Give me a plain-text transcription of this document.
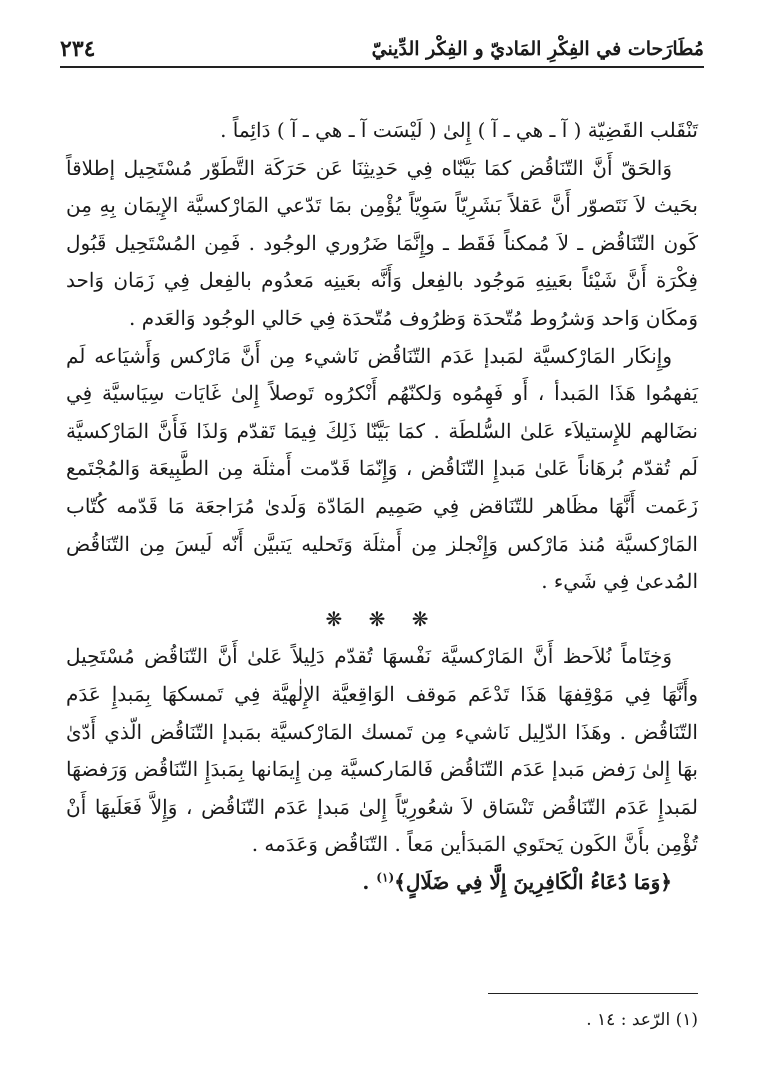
مُطَارَحات في الفِكْرِ المَاديّ و الفِكْر الدِّينيّ
٢٣٤

تَنْقَلب القَضِيّة ( آ ـ هي ـ آ ) إِلىٰ ( لَيْسَت آ ـ هي ـ آ ) دَائِماً .

وَالحَقّ أَنَّ التّنَاقُض كمَا بَيَّنّاه فِي حَدِيثِنَا عَن حَرَكَة التَّطَوّر مُسْتَحِيل إطلاقاً بحَيث لاَ نَتَصوّر أَنَّ عَقلاً بَشَرِيّاً سَوِيّاً يُؤْمِن بمَا تَدّعي المَارْكسيَّة الإِيمَان بِهِ مِن كَون التّنَاقُض ـ لاَ مُمكناً فَقَط ـ وإِنَّمَا ضَرُوري الوجُود . فَمِن المُسْتَحِيل قَبُول فِكْرَة أَنَّ شَيْئاً بعَينِهِ مَوجُود بالفِعل وَأَنَّه بعَينِه مَعدُوم بالفِعل فِي زَمَان وَاحد وَمكَان وَاحد وَشرُوط مُتّحدَة وَظرُوف مُتّحدَة فِي حَالي الوجُود وَالعَدم .

وإِنكَار المَارْكسيَّة لمَبدإ عَدَم التّنَاقُض نَاشيء مِن أَنَّ مَارْكس وَأَشيَاعه لَم يَفهمُوا هَذَا المَبدأ ، أَو فَهِمُوه وَلكنّهُم أَنْكرُوه تَوصلاً إِلىٰ غَايَات سِيَاسيَّة فِي نضَالهم للإِستيلاَء عَلىٰ السُّلطَة . كمَا بَيَّنّا ذَلِكَ فِيمَا تَقدّم وَلذَا فَأَنَّ المَارْكسيَّة لَم تُقدّم بُرهَاناً عَلىٰ مَبدإِ التّنَاقُض ، وَإِنّمَا قَدّمت أَمثلَة مِن الطَّبِيعَة وَالمُجْتَمع زَعَمت أَنَّهَا مظَاهر للتّنَاقض فِي صَمِيم المَادّة وَلَدىٰ مُرَاجعَة مَا قَدّمه كُتّاب المَارْكسيَّة مُنذ مَارْكس وَإِنْجلز مِن أَمثلَة وَتَحليه يَتبيَّن أَنّه لَيسَ مِن التّنَاقُض المُدعىٰ فِي شَيء .

❋ ❋ ❋

وَخِتَاماً نُلاَحظ أَنَّ المَارْكسيَّة نَفْسهَا تُقدّم دَلِيلاً عَلىٰ أَنَّ التّنَاقُض مُسْتَحِيل وأَنَّهَا فِي مَوْقِفهَا هَذَا تَدْعَم مَوقف الوَاقِعيَّة الإِلٰهيَّة فِي تَمسكهَا بِمَبدإِ عَدَم التّنَاقُض . وهَذَا الدّلِيل نَاشيء مِن تَمسك المَارْكسيَّة بمَبدإ التّنَاقُض الّذي أَدّىٰ بهَا إِلىٰ رَفض مَبدإ عَدَم التّنَاقُض فَالمَاركسيَّة مِن إِيمَانها بِمَبدَإِ التّنَاقُض وَرَفضهَا لمَبدإِ عَدَم التّنَاقُض تَنْسَاق لاَ شعُورِيّاً إِلىٰ مَبدإ عَدَم التّنَاقُض ، وَإِلاَّ فَعَلَيهَا أَنْ تُؤْمِن بأَنَّ الكَون يَحتَوي المَبدَأين مَعاً . التّنَاقُض وَعَدَمه .

﴿وَمَا دُعَاءُ الْكَافِرِينَ إِلَّا فِي ضَلَالٍ﴾$^{(١)}$ .

(١) الرّعد : ١٤ .
